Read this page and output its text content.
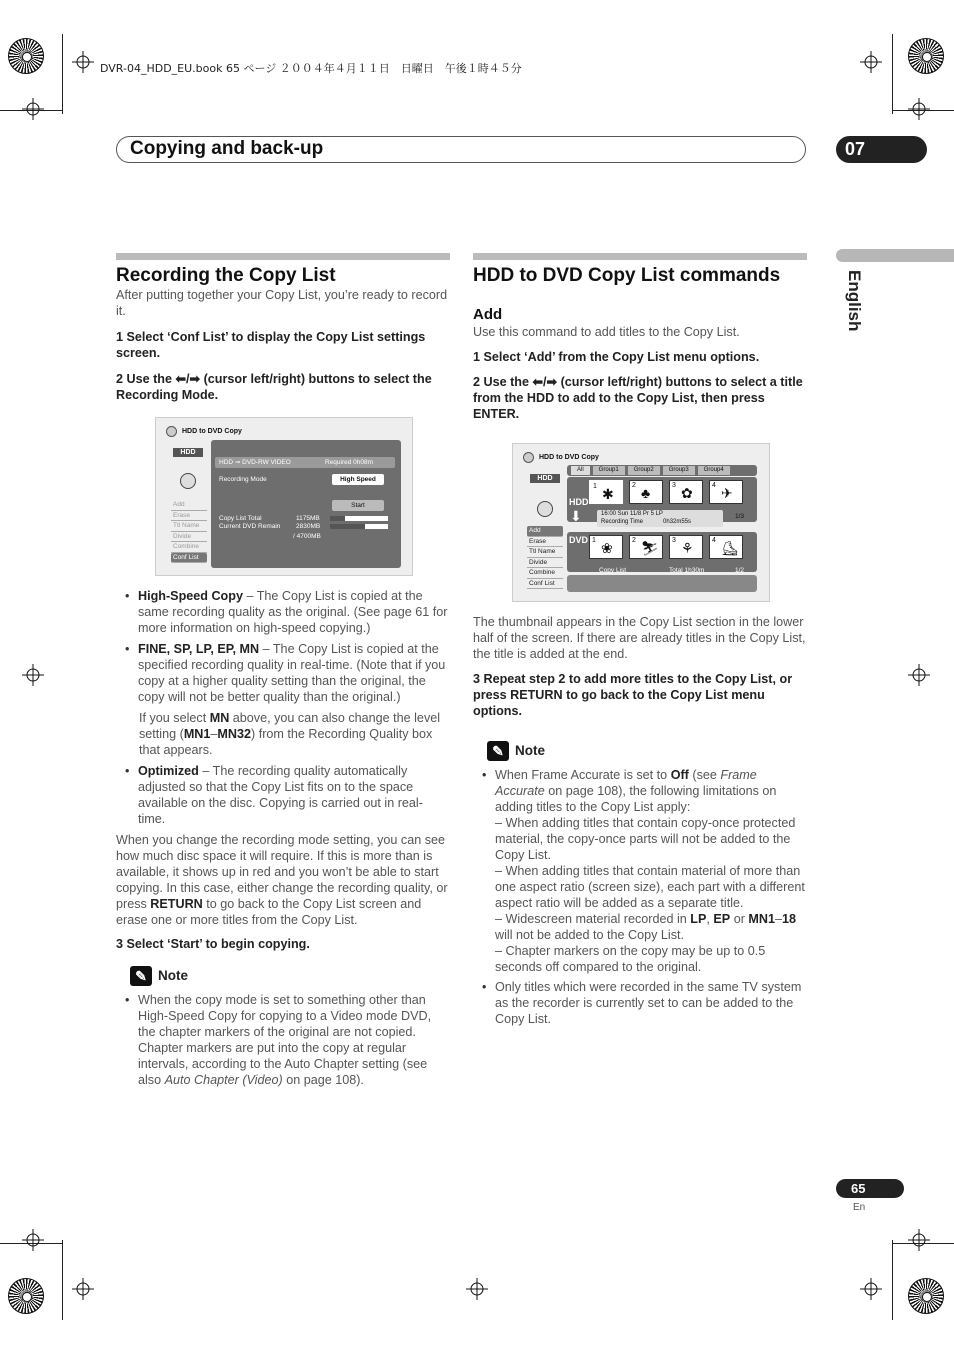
DVR-04_HDD_EU.book 65 ページ ２００４年４月１１日　日曜日　午後１時４５分
Copying and back-up	07
English
Recording the Copy List

After putting together your Copy List, you’re ready to record it.

1 Select ‘Conf List’ to display the Copy List settings screen.

2 Use the ⬅/➡ (cursor left/right) buttons to select the Recording Mode.

HDD to DVD Copy
HDD
Add
Erase
Ttl Name
Divide
Combine
Conf List
HDD ➞ DVD-RW VIDEO	Required 0h08m
Recording Mode	High Speed
Start
Copy List Total	1175MB
Current DVD Remain 2830MB
/ 4700MB
• High-Speed Copy – The Copy List is copied at the same recording quality as the original. (See page 61 for more information on high-speed copying.)
• FINE, SP, LP, EP, MN – The Copy List is copied at the specified recording quality in real-time. (Note that if you copy at a higher quality setting than the original, the copy will not be better quality than the original.)

If you select MN above, you can also change the level setting (MN1–MN32) from the Recording Quality box that appears.

• Optimized – The recording quality automatically adjusted so that the Copy List fits on to the space available on the disc. Copying is carried out in real-time.

When you change the recording mode setting, you can see how much disc space it will require. If this is more than is available, it shows up in red and you won’t be able to start copying. In this case, either change the recording quality, or press RETURN to go back to the Copy List screen and erase one or more titles from the Copy List.

3 Select ‘Start’ to begin copying.

✎ Note
• When the copy mode is set to something other than High-Speed Copy for copying to a Video mode DVD, the chapter markers of the original are not copied. Chapter markers are put into the copy at regular intervals, according to the Auto Chapter setting (see also Auto Chapter (Video) on page 108).
HDD to DVD Copy List commands
Add

Use this command to add titles to the Copy List.

1 Select ‘Add’ from the Copy List menu options.

2 Use the ⬅/➡ (cursor left/right) buttons to select a title from the HDD to add to the Copy List, then press ENTER.

HDD to DVD Copy
All	Group1	Group2	Group3	Group4
HDD
Add
Erase
Ttl Name
Divide
Combine
Conf List
HDD
1 ✱
2 ♣	3 ✿	4 ✈
⬇	16:00 Sun 11/8 Pr 5 LP
Recording Time	0h32m55s
1/3
DVD 1 ❀	2 ⛷ 3 ⚘	4 ⛸
Copy List	Total 1h30m	1/2

The thumbnail appears in the Copy List section in the lower half of the screen. If there are already titles in the Copy List, the title is added at the end.

3 Repeat step 2 to add more titles to the Copy List, or press RETURN to go back to the Copy List menu options.

✎ Note
• When Frame Accurate is set to Off (see Frame Accurate on page 108), the following limitations on adding titles to the Copy List apply:
– When adding titles that contain copy-once protected material, the copy-once parts will not be added to the Copy List.
– When adding titles that contain material of more than one aspect ratio (screen size), each part with a different aspect ratio will be added as a separate title.
– Widescreen material recorded in LP, EP or MN1–18 will not be added to the Copy List.
– Chapter markers on the copy may be up to 0.5 seconds off compared to the original.
• Only titles which were recorded in the same TV system as the recorder is currently set to can be added to the Copy List.
65
En
